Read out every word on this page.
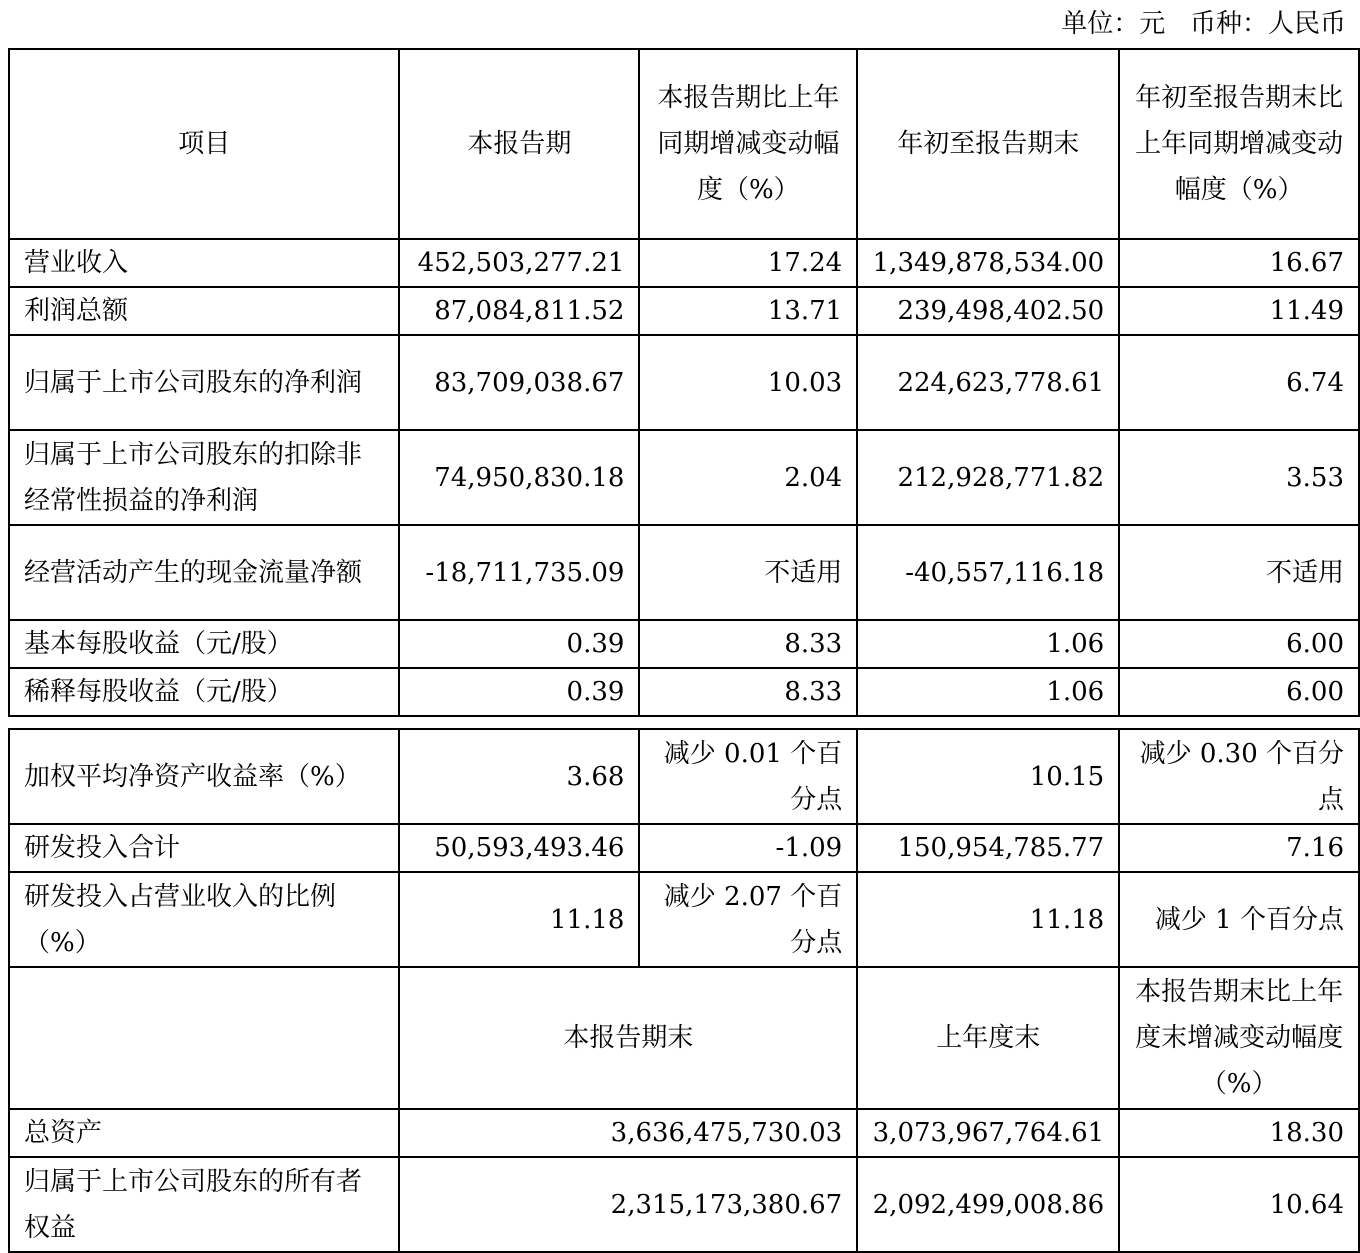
单位：元   币种：人民币
项目	本报告期	本报告期比上年同期增减变动幅度（%）	年初至报告期末	年初至报告期末比上年同期增减变动幅度（%）
营业收入	452,503,277.21	17.24	1,349,878,534.00	16.67
利润总额	87,084,811.52	13.71	239,498,402.50	11.49
归属于上市公司股东的净利润	83,709,038.67	10.03	224,623,778.61	6.74
归属于上市公司股东的扣除非经常性损益的净利润	74,950,830.18	2.04	212,928,771.82	3.53
经营活动产生的现金流量净额	-18,711,735.09	不适用	-40,557,116.18	不适用
基本每股收益（元/股）	0.39	8.33	1.06	6.00
稀释每股收益（元/股）	0.39	8.33	1.06	6.00
加权平均净资产收益率（%）	3.68	减少 0.01 个百分点	10.15	减少 0.30 个百分点
研发投入合计	50,593,493.46	-1.09	150,954,785.77	7.16
研发投入占营业收入的比例（%）	11.18	减少 2.07 个百分点	11.18	减少 1 个百分点
	本报告期末		上年度末	本报告期末比上年度末增减变动幅度（%）
总资产	3,636,475,730.03		3,073,967,764.61	18.30
归属于上市公司股东的所有者权益	2,315,173,380.67		2,092,499,008.86	10.64
